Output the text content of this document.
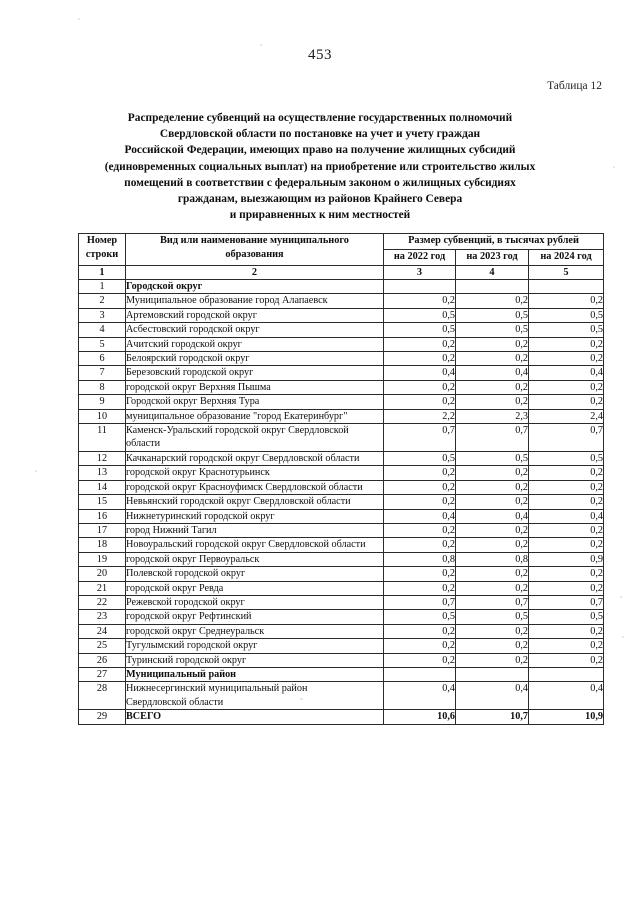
453
Таблица 12
Распределение субвенций на осуществление государственных полномочий
Свердловской области по постановке на учет и учету граждан
Российской Федерации, имеющих право на получение жилищных субсидий
(единовременных социальных выплат) на приобретение или строительство жилых
помещений в соответствии с федеральным законом о жилищных субсидиях
гражданам, выезжающим из районов Крайнего Севера
и приравненных к ним местностей
Номер
строки	Вид или наименование муниципального
образования	Размер субвенций, в тысячах рублей		
		на 2022 год	на 2023 год	на 2024 год
1	2	3	4	5
1	Городской округ			

2	Муниципальное образование город Алапаевск	0,2	0,2	0,2
3	Артемовский городской округ	0,5	0,5	0,5
4	Асбестовский городской округ	0,5	0,5	0,5
5	Ачитский городской округ	0,2	0,2	0,2
6	Белоярский городской округ	0,2	0,2	0,2
7	Березовский городской округ	0,4	0,4	0,4
8	городской округ Верхняя Пышма	0,2	0,2	0,2
9	Городской округ Верхняя Тура	0,2	0,2	0,2
10	муниципальное образование "город Екатеринбург"	2,2	2,3	2,4
11	Каменск-Уральский городской округ Свердловской
области	0,7	0,7	0,7
12	Качканарский городской округ Свердловской области	0,5	0,5	0,5
13	городской округ Краснотурьинск	0,2	0,2	0,2
14	городской округ Красноуфимск Свердловской области	0,2	0,2	0,2
15	Невьянский городской округ Свердловской области	0,2	0,2	0,2
16	Нижнетуринский городской округ	0,4	0,4	0,4
17	город Нижний Тагил	0,2	0,2	0,2
18	Новоуральский городской округ Свердловской области	0,2	0,2	0,2
19	городской округ Первоуральск	0,8	0,8	0,9
20	Полевской городской округ	0,2	0,2	0,2
21	городской округ Ревда	0,2	0,2	0,2
22	Режевской городской округ	0,7	0,7	0,7
23	городской округ Рефтинский	0,5	0,5	0,5
24	городской округ Среднеуральск	0,2	0,2	0,2
25	Тугулымский городской округ	0,2	0,2	0,2
26	Туринский городской округ	0,2	0,2	0,2
27	Муниципальный район			

28	Нижнесергинский муниципальный район
Свердловской области	0,4	0,4	0,4
29	ВСЕГО	10,6	10,7	10,9
